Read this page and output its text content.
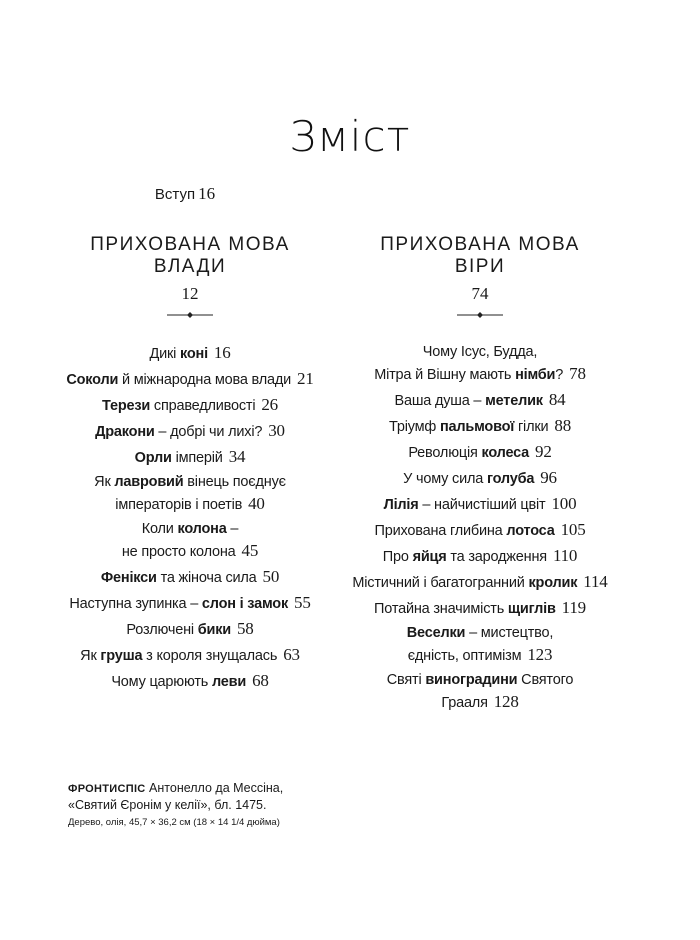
Зміст
Вступ 16
ПРИХОВАНА МОВА
ВЛАДИ
12
Дикі коні 16
Соколи й міжнародна мова влади 21
Терези справедливості 26
Дракони – добрі чи лихі? 30
Орли імперій 34
Як лавровий вінець поєднує
імператорів і поетів 40
Коли колона –
не просто колона 45
Фенікси та жіноча сила 50
Наступна зупинка – слон і замок 55
Розлючені бики 58
Як груша з короля знущалась 63
Чому царюють леви 68
ПРИХОВАНА МОВА
ВІРИ
74
Чому Ісус, Будда,
Мітра й Вішну мають німби? 78
Ваша душа – метелик 84
Тріумф пальмової гілки 88
Революція колеса 92
У чому сила голуба 96
Лілія – найчистіший цвіт 100
Прихована глибина лотоса 105
Про яйця та зародження 110
Містичний і багатогранний кролик 114
Потайна значимість щиглів 119
Веселки – мистецтво,
єдність, оптимізм 123
Святі виноградини Святого Грааля 128
ФРОНТИСПІС Антонелло да Мессіна,
«Святий Єронім у келії», бл. 1475.
Дерево, олія, 45,7 × 36,2 см (18 × 14 1/4 дюйма)
